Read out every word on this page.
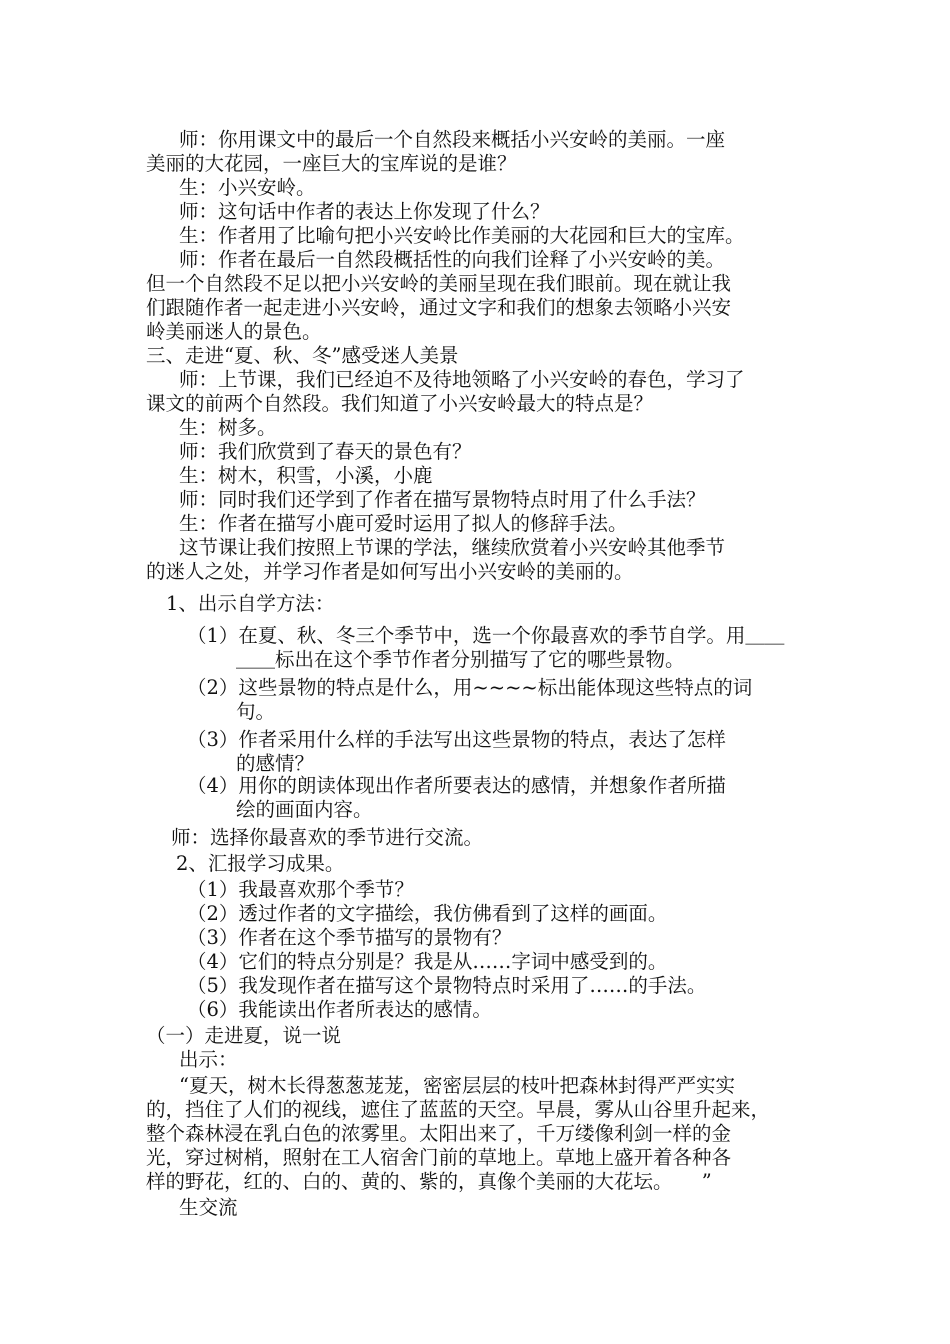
师：你用课文中的最后一个自然段来概括小兴安岭的美丽。一座
美丽的大花园，一座巨大的宝库说的是谁？
生：小兴安岭。
师：这句话中作者的表达上你发现了什么？
生：作者用了比喻句把小兴安岭比作美丽的大花园和巨大的宝库。
师：作者在最后一自然段概括性的向我们诠释了小兴安岭的美。
但一个自然段不足以把小兴安岭的美丽呈现在我们眼前。现在就让我
们跟随作者一起走进小兴安岭，通过文字和我们的想象去领略小兴安
岭美丽迷人的景色。
三、走进“夏、秋、冬”感受迷人美景
师：上节课，我们已经迫不及待地领略了小兴安岭的春色，学习了
课文的前两个自然段。我们知道了小兴安岭最大的特点是？
生：树多。
师：我们欣赏到了春天的景色有？
生：树木，积雪，小溪，小鹿
师：同时我们还学到了作者在描写景物特点时用了什么手法？
生：作者在描写小鹿可爱时运用了拟人的修辞手法。
这节课让我们按照上节课的学法，继续欣赏着小兴安岭其他季节
的迷人之处，并学习作者是如何写出小兴安岭的美丽的。
1、出示自学方法：
（1）在夏、秋、冬三个季节中，选一个你最喜欢的季节自学。用＿＿
＿＿标出在这个季节作者分别描写了它的哪些景物。
（2）这些景物的特点是什么，用~~~~标出能体现这些特点的词
句。
（3）作者采用什么样的手法写出这些景物的特点，表达了怎样
的感情？
（4）用你的朗读体现出作者所要表达的感情，并想象作者所描
绘的画面内容。
师：选择你最喜欢的季节进行交流。
2、汇报学习成果。
（1）我最喜欢那个季节？
（2）透过作者的文字描绘，我仿佛看到了这样的画面。
（3）作者在这个季节描写的景物有？
（4）它们的特点分别是？我是从……字词中感受到的。
（5）我发现作者在描写这个景物特点时采用了……的手法。
（6）我能读出作者所表达的感情。
（一）走进夏，说一说
出示：
“夏天，树木长得葱葱茏茏，密密层层的枝叶把森林封得严严实实
的，挡住了人们的视线，遮住了蓝蓝的天空。早晨，雾从山谷里升起来，
整个森林浸在乳白色的浓雾里。太阳出来了，千万缕像利剑一样的金
光，穿过树梢，照射在工人宿舍门前的草地上。草地上盛开着各种各
样的野花，红的、白的、黄的、紫的，真像个美丽的大花坛。　　”
生交流
